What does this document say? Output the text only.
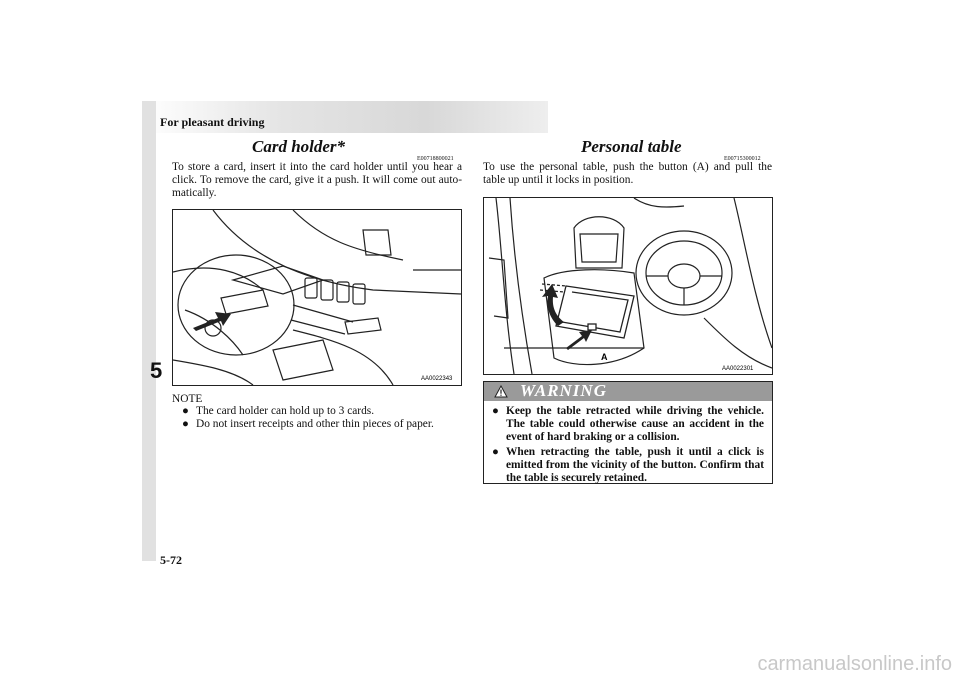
For pleasant driving
5
Card holder*
E00718800021
To store a card, insert it into the card holder until you hear a click. To remove the card, give it a push. It will come out auto- matically.
AA0022343
NOTE
● The card holder can hold up to 3 cards.
● Do not insert receipts and other thin pieces of paper.
Personal table
E00715300012
To use the personal table, push the button (A) and pull the table up until it locks in position.
A
AA0022301
WARNING
● Keep the table retracted while driving the vehicle. The table could otherwise cause an accident in the event of hard braking or a collision.
● When retracting the table, push it until a click is emitted from the vicinity of the button. Confirm that the table is securely retained.
5-72
carmanualsonline.info
